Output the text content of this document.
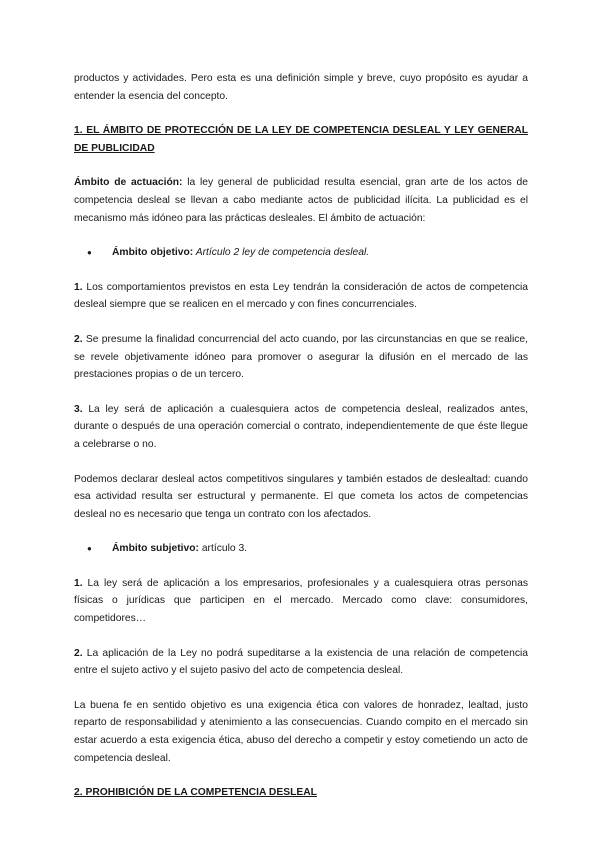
productos y actividades. Pero esta es una definición simple y breve, cuyo propósito es ayudar a entender la esencia del concepto.

1. EL ÁMBITO DE PROTECCIÓN DE LA LEY DE COMPETENCIA DESLEAL Y LEY GENERAL DE PUBLICIDAD

Ámbito de actuación: la ley general de publicidad resulta esencial, gran arte de los actos de competencia desleal se llevan a cabo mediante actos de publicidad ilícita. La publicidad es el mecanismo más idóneo para las prácticas desleales. El ámbito de actuación:

● Ámbito objetivo: Artículo 2 ley de competencia desleal.

1. Los comportamientos previstos en esta Ley tendrán la consideración de actos de competencia desleal siempre que se realicen en el mercado y con fines concurrenciales.

2. Se presume la finalidad concurrencial del acto cuando, por las circunstancias en que se realice, se revele objetivamente idóneo para promover o asegurar la difusión en el mercado de las prestaciones propias o de un tercero.

3. La ley será de aplicación a cualesquiera actos de competencia desleal, realizados antes, durante o después de una operación comercial o contrato, independientemente de que éste llegue a celebrarse o no.

Podemos declarar desleal actos competitivos singulares y también estados de deslealtad: cuando esa actividad resulta ser estructural y permanente. El que cometa los actos de competencias desleal no es necesario que tenga un contrato con los afectados.

● Ámbito subjetivo: artículo 3.

1. La ley será de aplicación a los empresarios, profesionales y a cualesquiera otras personas físicas o jurídicas que participen en el mercado. Mercado como clave: consumidores, competidores…

2. La aplicación de la Ley no podrá supeditarse a la existencia de una relación de competencia entre el sujeto activo y el sujeto pasivo del acto de competencia desleal.

La buena fe en sentido objetivo es una exigencia ética con valores de honradez, lealtad, justo reparto de responsabilidad y atenimiento a las consecuencias. Cuando compito en el mercado sin estar acuerdo a esta exigencia ética, abuso del derecho a competir y estoy cometiendo un acto de competencia desleal.

2. PROHIBICIÓN DE LA COMPETENCIA DESLEAL
